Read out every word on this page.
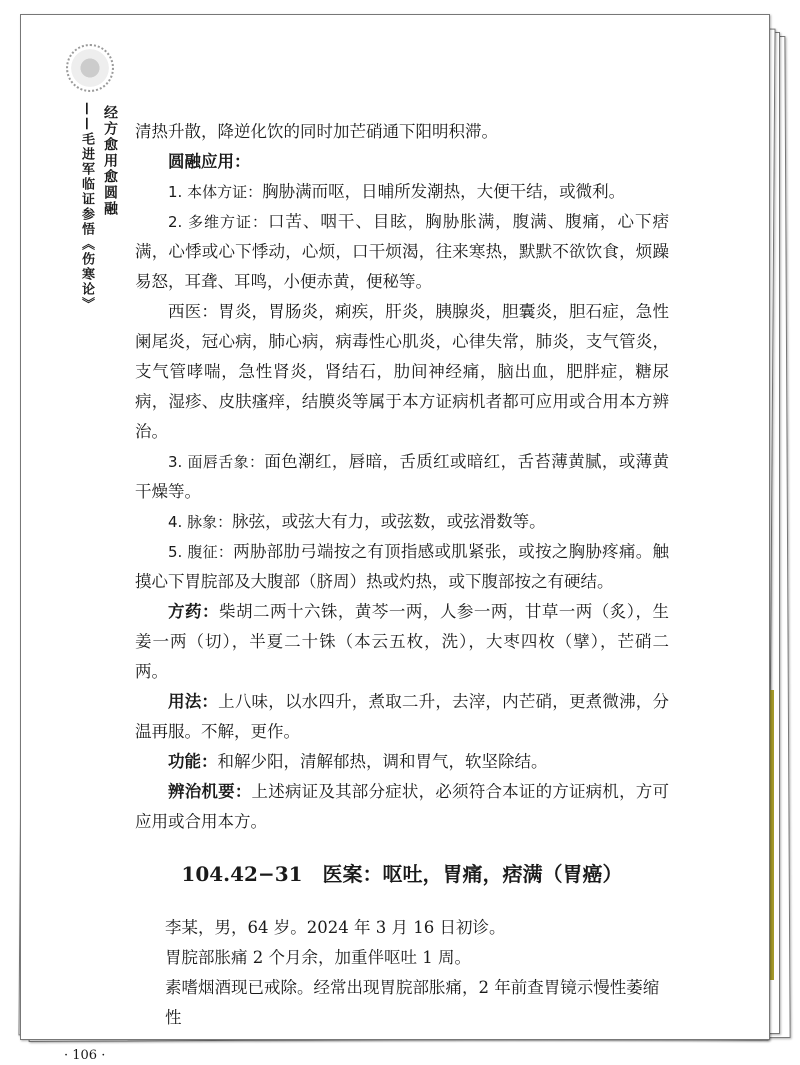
经方愈用愈圆融
——毛进军临证参悟《伤寒论》 清热升散，降逆化饮的同时加芒硝通下阳明积滞。

圆融应用：

1. 本体方证：胸胁满而呕，日晡所发潮热，大便干结，或微利。

2. 多维方证：口苦、咽干、目眩，胸胁胀满，腹满、腹痛，心下痞满，心悸或心下悸动，心烦，口干烦渴，往来寒热，默默不欲饮食，烦躁易怒，耳聋、耳鸣，小便赤黄，便秘等。

西医：胃炎，胃肠炎，痢疾，肝炎，胰腺炎，胆囊炎，胆石症，急性阑尾炎，冠心病，肺心病，病毒性心肌炎，心律失常，肺炎，支气管炎，支气管哮喘，急性肾炎，肾结石，肋间神经痛，脑出血，肥胖症，糖尿病，湿疹、皮肤瘙痒，结膜炎等属于本方证病机者都可应用或合用本方辨治。

3. 面唇舌象：面色潮红，唇暗，舌质红或暗红，舌苔薄黄腻，或薄黄干燥等。

4. 脉象：脉弦，或弦大有力，或弦数，或弦滑数等。

5. 腹征：两胁部肋弓端按之有顶指感或肌紧张，或按之胸胁疼痛。触摸心下胃脘部及大腹部（脐周）热或灼热，或下腹部按之有硬结。

方药：柴胡二两十六铢，黄芩一两，人参一两，甘草一两（炙），生姜一两（切），半夏二十铢（本云五枚，洗），大枣四枚（擘），芒硝二两。

用法：上八味，以水四升，煮取二升，去滓，内芒硝，更煮微沸，分温再服。不解，更作。

功能：和解少阳，清解郁热，调和胃气，软坚除结。

辨治机要：上述病证及其部分症状，必须符合本证的方证病机，方可应用或合用本方。

104.42−31　医案：呕吐，胃痛，痞满（胃癌）

李某，男，64 岁。2024 年 3 月 16 日初诊。

胃脘部胀痛 2 个月余，加重伴呕吐 1 周。

素嗜烟酒现已戒除。经常出现胃脘部胀痛，2 年前查胃镜示慢性萎缩性

· 106 ·
